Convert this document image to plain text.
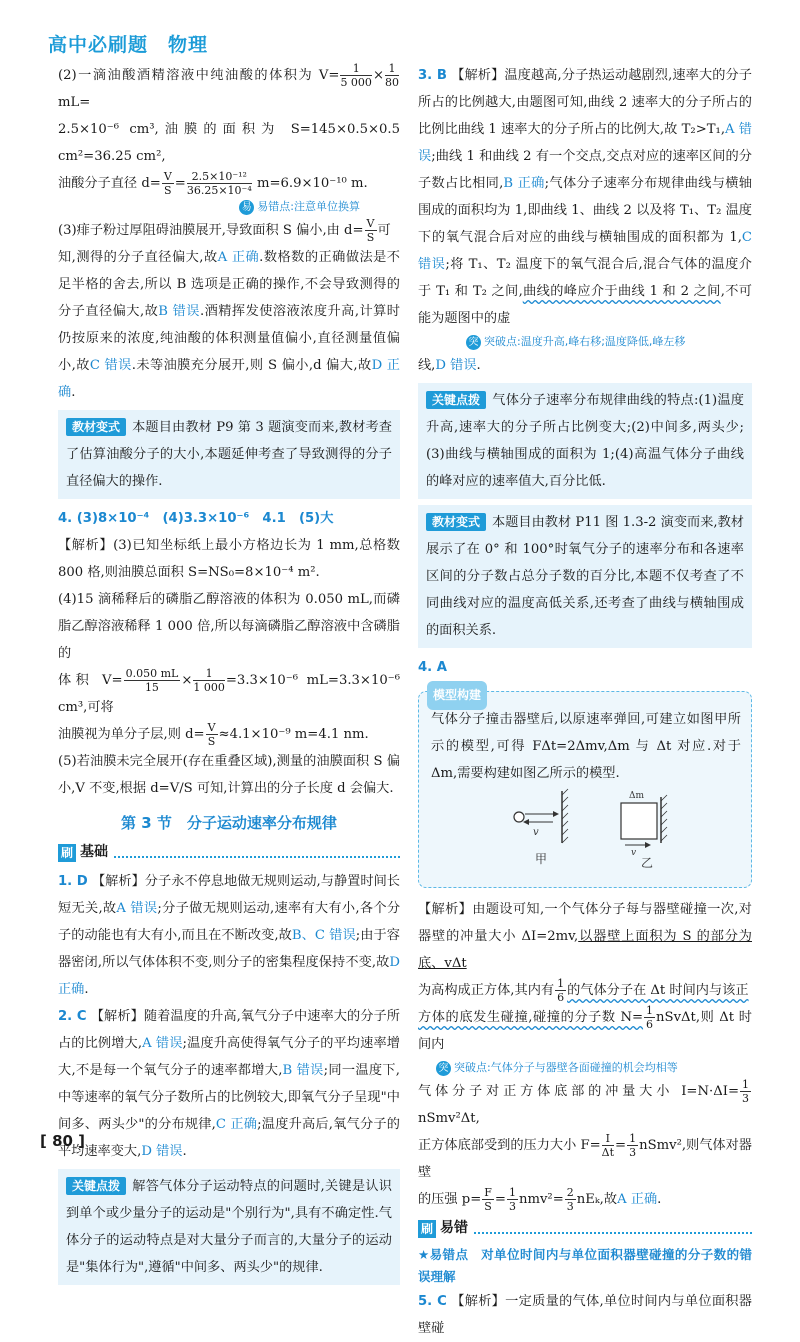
高中必刷题　物理

(2)一滴油酸酒精溶液中纯油酸的体积为 $V= \frac{1}{5 000} \times \frac{1}{80}$
mL=

2.5×10⁻⁶ cm³,油膜的面积为 S=145×0.5×0.5 cm²=36.25 cm²,

油酸分子直径 $d= \frac{V}{S} = \frac{\text{2.5×10⁻¹²}}{\text{36.25×10⁻⁴}} m=6.9\times 10^{-10}$ m.

易 易错点:注意单位换算

(3)痱子粉过厚阻碍油膜展开,导致面积 S 偏小,由 $d= \frac{V}{S}$ 可

知,测得的分子直径偏大,故A 正确.数格数的正确做法是不足半格的舍去,所以 B 选项是正确的操作,不会导致测得的分子直径偏大,故B 错误.酒精挥发使溶液浓度升高,计算时仍按原来的浓度,纯油酸的体积测量值偏小,直径测量值偏小,故C 错误.未等油膜充分展开,则 S 偏小,d 偏大,故D 正确.

教材变式 本题目由教材 P9 第 3 题演变而来,教材考查了估算油酸分子的大小,本题延伸考查了导致测得的分子直径偏大的操作.

4. (3)8×10⁻⁴　(4)3.3×10⁻⁶　4.1　(5)大

【解析】(3)已知坐标纸上最小方格边长为 1 mm,总格数 800 格,则油膜总面积 S=NS₀=8×10⁻⁴ m².

(4)15 滴稀释后的磷脂乙醇溶液的体积为 0.050 mL,而磷脂乙醇溶液稀释 1 000 倍,所以每滴磷脂乙醇溶液中含磷脂的

体积 $V= \frac{0.050 mL}{15} \times \frac{1}{1 000} =3.3\times 10^{-6}$ mL=3.3×10⁻⁶ cm³,可将

油膜视为单分子层,则 $d= \frac{V}{S} \approx 4.1\times 10^{-9}$ m=4.1 nm.

(5)若油膜未完全展开(存在重叠区域),测量的油膜面积 S 偏小,V 不变,根据 d=V/S 可知,计算出的分子长度 d 会偏大.

第 3 节　分子运动速率分布规律
刷 基础

1. D 【解析】分子永不停息地做无规则运动,与静置时间长短无关,故A 错误;分子做无规则运动,速率有大有小,各个分子的动能也有大有小,而且在不断改变,故B、C 错误;由于容器密闭,所以气体体积不变,则分子的密集程度保持不变,故D 正确.

2. C 【解析】随着温度的升高,氧气分子中速率大的分子所占的比例增大,A 错误;温度升高使得氧气分子的平均速率增大,不是每一个氧气分子的速率都增大,B 错误;同一温度下,中等速率的氧气分子数所占的比例较大,即氧气分子呈现"中间多、两头少"的分布规律,C 正确;温度升高后,氧气分子的平均速率变大,D 错误.

关键点拨 解答气体分子运动特点的问题时,关键是认识到单个或少量分子的运动是"个别行为",具有不确定性.气体分子的运动特点是对大量分子而言的,大量分子的运动是"集体行为",遵循"中间多、两头少"的规律.

3. B 【解析】温度越高,分子热运动越剧烈,速率大的分子所占的比例越大,由题图可知,曲线 2 速率大的分子所占的比例比曲线 1 速率大的分子所占的比例大,故 T₂>T₁,A 错误;曲线 1 和曲线 2 有一个交点,交点对应的速率区间的分子数占比相同,B 正确;气体分子速率分布规律曲线与横轴围成的面积均为 1,即曲线 1、曲线 2 以及将 T₁、T₂ 温度下的氧气混合后对应的曲线与横轴围成的面积都为 1,C 错误;将 T₁、T₂ 温度下的氧气混合后,混合气体的温度介于 T₁ 和 T₂ 之间,曲线的峰应介于曲线 1 和 2 之间,不可能为题图中的虚

突 突破点:温度升高,峰右移;温度降低,峰左移

线,D 错误.

关键点拨 气体分子速率分布规律曲线的特点:(1)温度升高,速率大的分子所占比例变大;(2)中间多,两头少;(3)曲线与横轴围成的面积为 1;(4)高温气体分子曲线的峰对应的速率值大,百分比低.

教材变式 本题目由教材 P11 图 1.3-2 演变而来,教材展示了在 0° 和 100°时氧气分子的速率分布和各速率区间的分子数占总分子数的百分比,本题不仅考查了不同曲线对应的温度高低关系,还考查了曲线与横轴围成的面积关系.

4. A

模型构建

气体分子撞击器壁后,以原速率弹回,可建立如图甲所示的模型,可得 FΔt=2Δmv,Δm 与 Δt 对应.对于 Δm,需要构建如图乙所示的模型.

v
甲
Δm
v
乙

【解析】由题设可知,一个气体分子每与器壁碰撞一次,对器壁的冲量大小 ΔI=2mv,以器壁上面积为 S 的部分为底、vΔt

为高构成正方体,其内有 $\frac{1}{6}$ 的气体分子在 Δt 时间内与该正

方体的底发生碰撞,碰撞的分子数 $N= \frac{1}{6} nSv\Delta t$,则 Δt 时间内

突 突破点:气体分子与器壁各面碰撞的机会均相等

气体分子对正方体底部的冲量大小 $I=N\cdot\Delta I= \frac{1}{3}$
nSmv²Δt,

正方体底部受到的压力大小 $F= \frac{I}{\Delta t} = \frac{1}{3}$ nSmv²,则气体对器壁

的压强 $p= \frac{F}{S} = \frac{1}{3} nmv^2= \frac{2}{3} nE_k$,故A 正确.

刷 易错

★易错点　对单位时间内与单位面积器壁碰撞的分子数的错误理解

5. C 【解析】一定质量的气体,单位时间内与单位面积器壁碰

[ 80 ]
